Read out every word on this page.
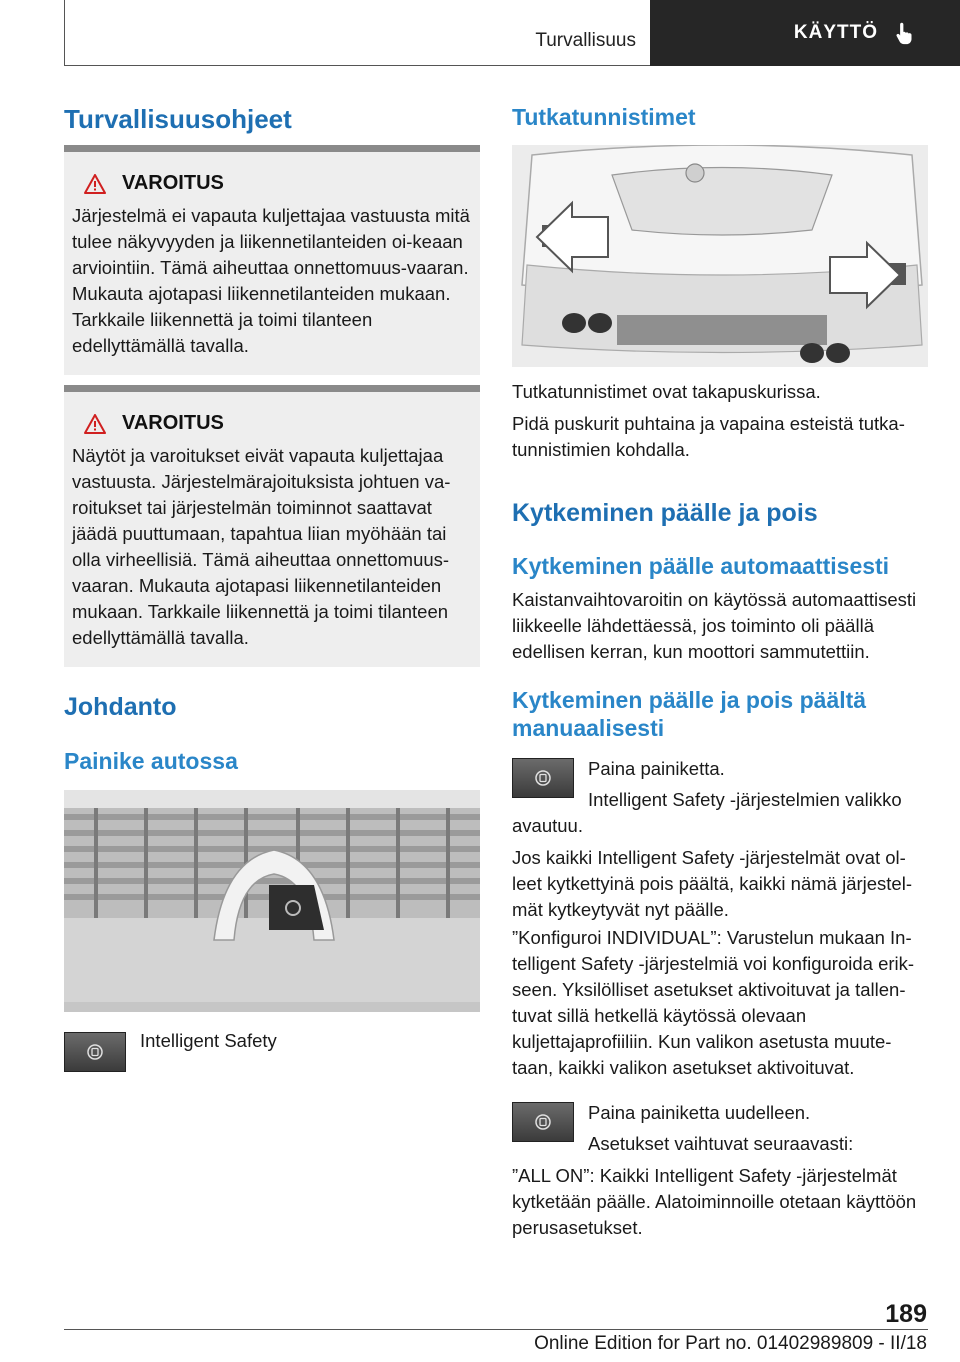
Turvallisuus	KÄYTTÖ
Turvallisuusohjeet
VAROITUS
Järjestelmä ei vapauta kuljettajaa vastuusta mitä tulee näkyvyyden ja liikennetilanteiden oi-keaan arviointiin. Tämä aiheuttaa onnettomuus-vaaran. Mukauta ajotapasi liikennetilanteiden mukaan. Tarkkaile liikennettä ja toimi tilanteen edellyttämällä tavalla.
VAROITUS
Näytöt ja varoitukset eivät vapauta kuljettajaa vastuusta. Järjestelmärajoituksista johtuen va-roitukset tai järjestelmän toiminnot saattavat jäädä puuttumaan, tapahtua liian myöhään tai olla virheellisiä. Tämä aiheuttaa onnettomuus-vaaran. Mukauta ajotapasi liikennetilanteiden mukaan. Tarkkaile liikennettä ja toimi tilanteen edellyttämällä tavalla.
Johdanto
Painike autossa
Intelligent Safety
Tutkatunnistimet
Tutkatunnistimet ovat takapuskurissa.
Pidä puskurit puhtaina ja vapaina esteistä tutka-tunnistimien kohdalla.
Kytkeminen päälle ja pois
Kytkeminen päälle automaattisesti
Kaistanvaihtovaroitin on käytössä automaattisesti liikkeelle lähdettäessä, jos toiminto oli päällä edellisen kerran, kun moottori sammutettiin.
Kytkeminen päälle ja pois päältä
manuaalisesti
Paina painiketta.
Intelligent Safety -järjestelmien valikko
avautuu.
Jos kaikki Intelligent Safety -järjestelmät ovat ol-leet kytkettyinä pois päältä, kaikki nämä järjestel-mät kytkeytyvät nyt päälle.
”Konfiguroi INDIVIDUAL”: Varustelun mukaan In-telligent Safety -järjestelmiä voi konfiguroida erik-seen. Yksilölliset asetukset aktivoituvat ja tallen-tuvat sillä hetkellä käytössä olevaan kuljettajaprofiiliin. Kun valikon asetusta muute-taan, kaikki valikon asetukset aktivoituvat.
Paina painiketta uudelleen.
Asetukset vaihtuvat seuraavasti:
”ALL ON”: Kaikki Intelligent Safety -järjestelmät kytketään päälle. Alatoiminnoille otetaan käyttöön perusasetukset.
189
Online Edition for Part no. 01402989809 - II/18
